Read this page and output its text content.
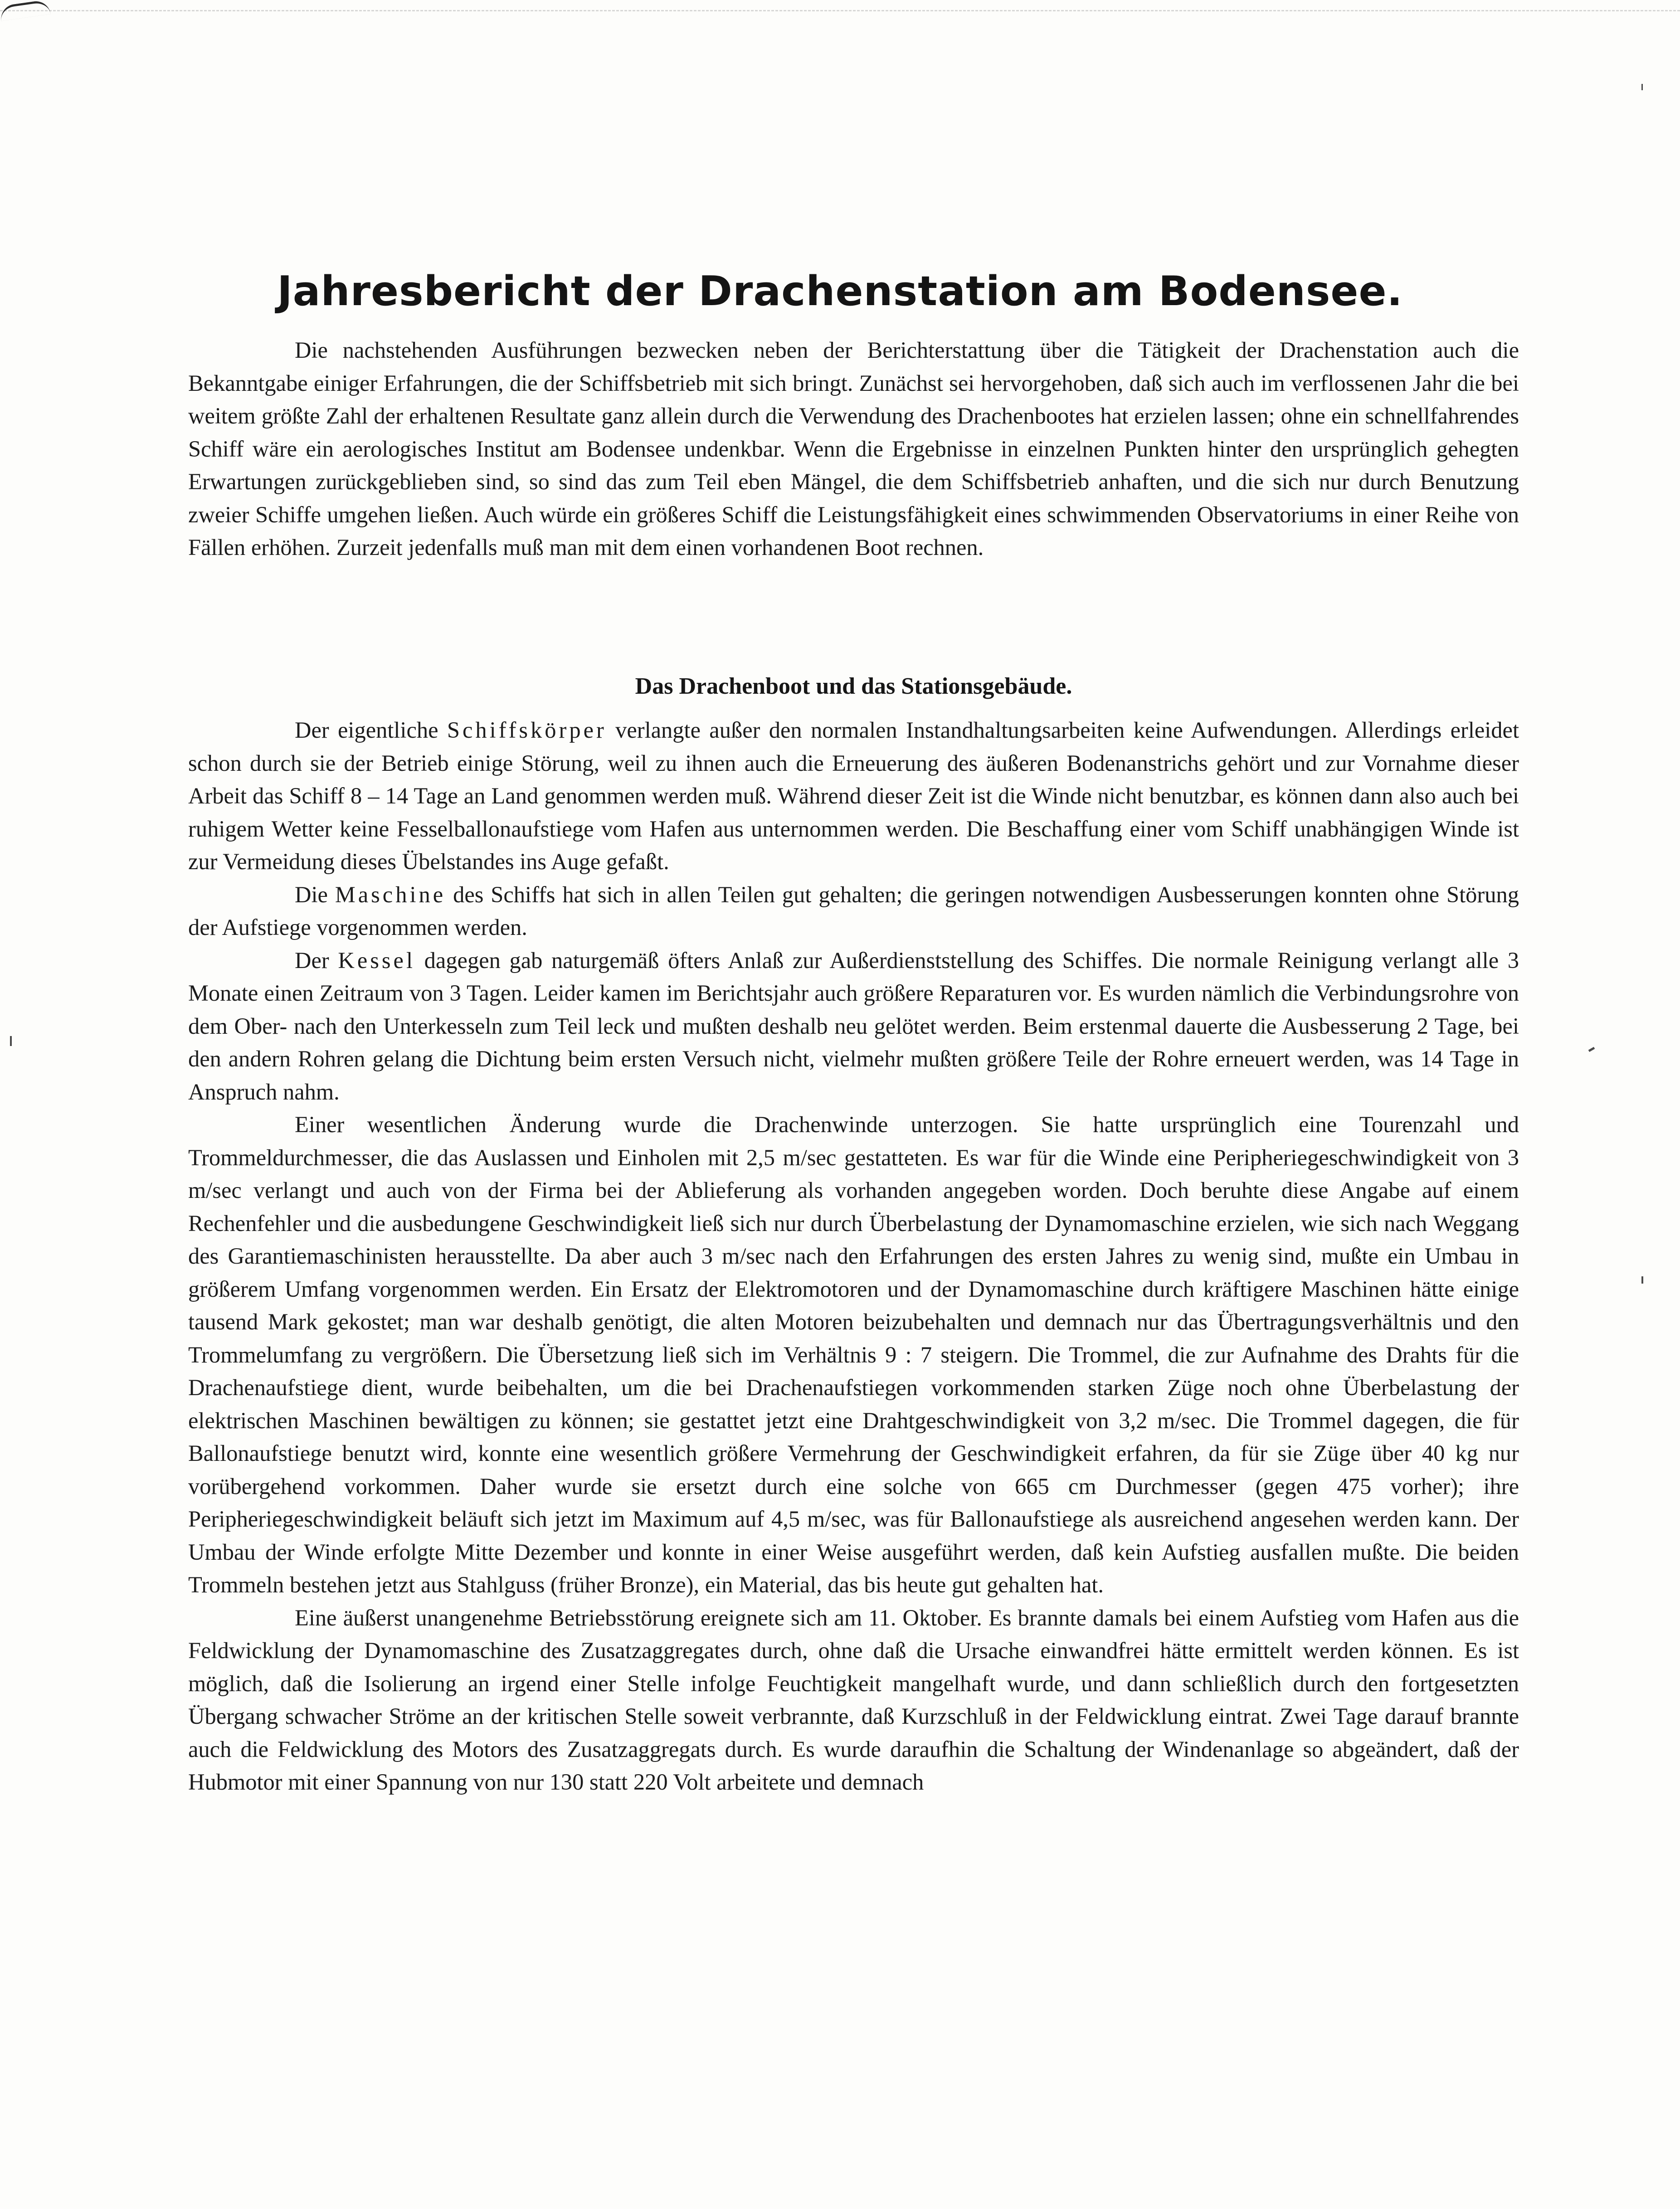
Jahresbericht der Drachenstation am Bodensee.

Die nachstehenden Ausführungen bezwecken neben der Berichterstattung über die Tätigkeit der Drachenstation auch die Bekanntgabe einiger Erfahrungen, die der Schiffsbetrieb mit sich bringt. Zunächst sei hervorgehoben, daß sich auch im verflossenen Jahr die bei weitem größte Zahl der erhaltenen Resultate ganz allein durch die Verwendung des Drachenbootes hat erzielen lassen; ohne ein schnellfahrendes Schiff wäre ein aerologisches Institut am Bodensee undenkbar. Wenn die Ergebnisse in einzelnen Punkten hinter den ursprünglich gehegten Erwartungen zurückgeblieben sind, so sind das zum Teil eben Mängel, die dem Schiffsbetrieb anhaften, und die sich nur durch Benutzung zweier Schiffe umgehen ließen. Auch würde ein größeres Schiff die Leistungsfähigkeit eines schwimmenden Observatoriums in einer Reihe von Fällen erhöhen. Zurzeit jedenfalls muß man mit dem einen vorhandenen Boot rechnen.

Das Drachenboot und das Stationsgebäude.

Der eigentliche Schiffskörper verlangte außer den normalen Instandhaltungsarbeiten keine Aufwendungen. Allerdings erleidet schon durch sie der Betrieb einige Störung, weil zu ihnen auch die Erneuerung des äußeren Bodenanstrichs gehört und zur Vornahme dieser Arbeit das Schiff 8 – 14 Tage an Land genommen werden muß. Während dieser Zeit ist die Winde nicht benutzbar, es können dann also auch bei ruhigem Wetter keine Fesselballonaufstiege vom Hafen aus unternommen werden. Die Beschaffung einer vom Schiff unabhängigen Winde ist zur Vermeidung dieses Übelstandes ins Auge gefaßt.

Die Maschine des Schiffs hat sich in allen Teilen gut gehalten; die geringen notwendigen Ausbesserungen konnten ohne Störung der Aufstiege vorgenommen werden.

Der Kessel dagegen gab naturgemäß öfters Anlaß zur Außerdienststellung des Schiffes. Die normale Reinigung verlangt alle 3 Monate einen Zeitraum von 3 Tagen. Leider kamen im Berichtsjahr auch größere Reparaturen vor. Es wurden nämlich die Verbindungsrohre von dem Ober- nach den Unterkesseln zum Teil leck und mußten deshalb neu gelötet werden. Beim erstenmal dauerte die Ausbesserung 2 Tage, bei den andern Rohren gelang die Dichtung beim ersten Versuch nicht, vielmehr mußten größere Teile der Rohre erneuert werden, was 14 Tage in Anspruch nahm.

Einer wesentlichen Änderung wurde die Drachenwinde unterzogen. Sie hatte ursprünglich eine Tourenzahl und Trommeldurchmesser, die das Auslassen und Einholen mit 2,5 m/sec gestatteten. Es war für die Winde eine Peripheriegeschwindigkeit von 3 m/sec verlangt und auch von der Firma bei der Ablieferung als vorhanden angegeben worden. Doch beruhte diese Angabe auf einem Rechenfehler und die ausbedungene Geschwindigkeit ließ sich nur durch Überbelastung der Dynamomaschine erzielen, wie sich nach Weggang des Garantiemaschinisten herausstellte. Da aber auch 3 m/sec nach den Erfahrungen des ersten Jahres zu wenig sind, mußte ein Umbau in größerem Umfang vorgenommen werden. Ein Ersatz der Elektromotoren und der Dynamomaschine durch kräftigere Maschinen hätte einige tausend Mark gekostet; man war deshalb genötigt, die alten Motoren beizubehalten und demnach nur das Übertragungsverhältnis und den Trommelumfang zu vergrößern. Die Übersetzung ließ sich im Verhältnis 9 : 7 steigern. Die Trommel, die zur Aufnahme des Drahts für die Drachenaufstiege dient, wurde beibehalten, um die bei Drachenaufstiegen vorkommenden starken Züge noch ohne Überbelastung der elektrischen Maschinen bewältigen zu können; sie gestattet jetzt eine Drahtgeschwindigkeit von 3,2 m/sec. Die Trommel dagegen, die für Ballonaufstiege benutzt wird, konnte eine wesentlich größere Vermehrung der Geschwindigkeit erfahren, da für sie Züge über 40 kg nur vorübergehend vorkommen. Daher wurde sie ersetzt durch eine solche von 665 cm Durchmesser (gegen 475 vorher); ihre Peripheriegeschwindigkeit beläuft sich jetzt im Maximum auf 4,5 m/sec, was für Ballonaufstiege als ausreichend angesehen werden kann. Der Umbau der Winde erfolgte Mitte Dezember und konnte in einer Weise ausgeführt werden, daß kein Aufstieg ausfallen mußte. Die beiden Trommeln bestehen jetzt aus Stahlguss (früher Bronze), ein Material, das bis heute gut gehalten hat.

Eine äußerst unangenehme Betriebsstörung ereignete sich am 11. Oktober. Es brannte damals bei einem Aufstieg vom Hafen aus die Feldwicklung der Dynamomaschine des Zusatzaggregates durch, ohne daß die Ursache einwandfrei hätte ermittelt werden können. Es ist möglich, daß die Isolierung an irgend einer Stelle infolge Feuchtigkeit mangelhaft wurde, und dann schließlich durch den fortgesetzten Übergang schwacher Ströme an der kritischen Stelle soweit verbrannte, daß Kurzschluß in der Feldwicklung eintrat. Zwei Tage darauf brannte auch die Feldwicklung des Motors des Zusatzaggregats durch. Es wurde daraufhin die Schaltung der Windenanlage so abgeändert, daß der Hubmotor mit einer Spannung von nur 130 statt 220 Volt arbeitete und demnach
